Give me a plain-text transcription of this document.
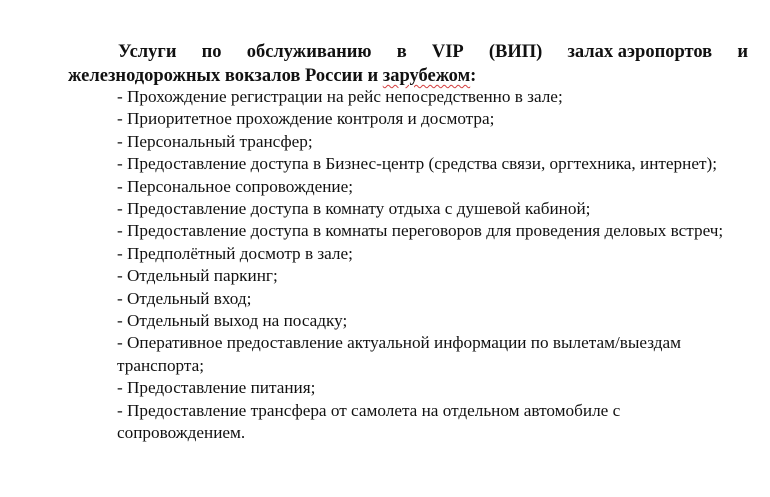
Услуги по обслуживанию в VIP (ВИП) залах аэропортов и
железнодорожных вокзалов России и зарубежом:
- Прохождение регистрации на рейс непосредственно в зале;
- Приоритетное прохождение контроля и досмотра;
- Персональный трансфер;
- Предоставление доступа в Бизнес-центр (средства связи, оргтехника, интернет);
- Персональное сопровождение;
- Предоставление доступа в комнату отдыха с душевой кабиной;
- Предоставление доступа в комнаты переговоров для проведения деловых встреч;
- Предполётный досмотр в зале;
- Отдельный паркинг;
- Отдельный вход;
- Отдельный выход на посадку;
- Оперативное предоставление актуальной информации по вылетам/выездам транспорта;
- Предоставление питания;
- Предоставление трансфера от самолета на отдельном автомобиле с сопровождением.
